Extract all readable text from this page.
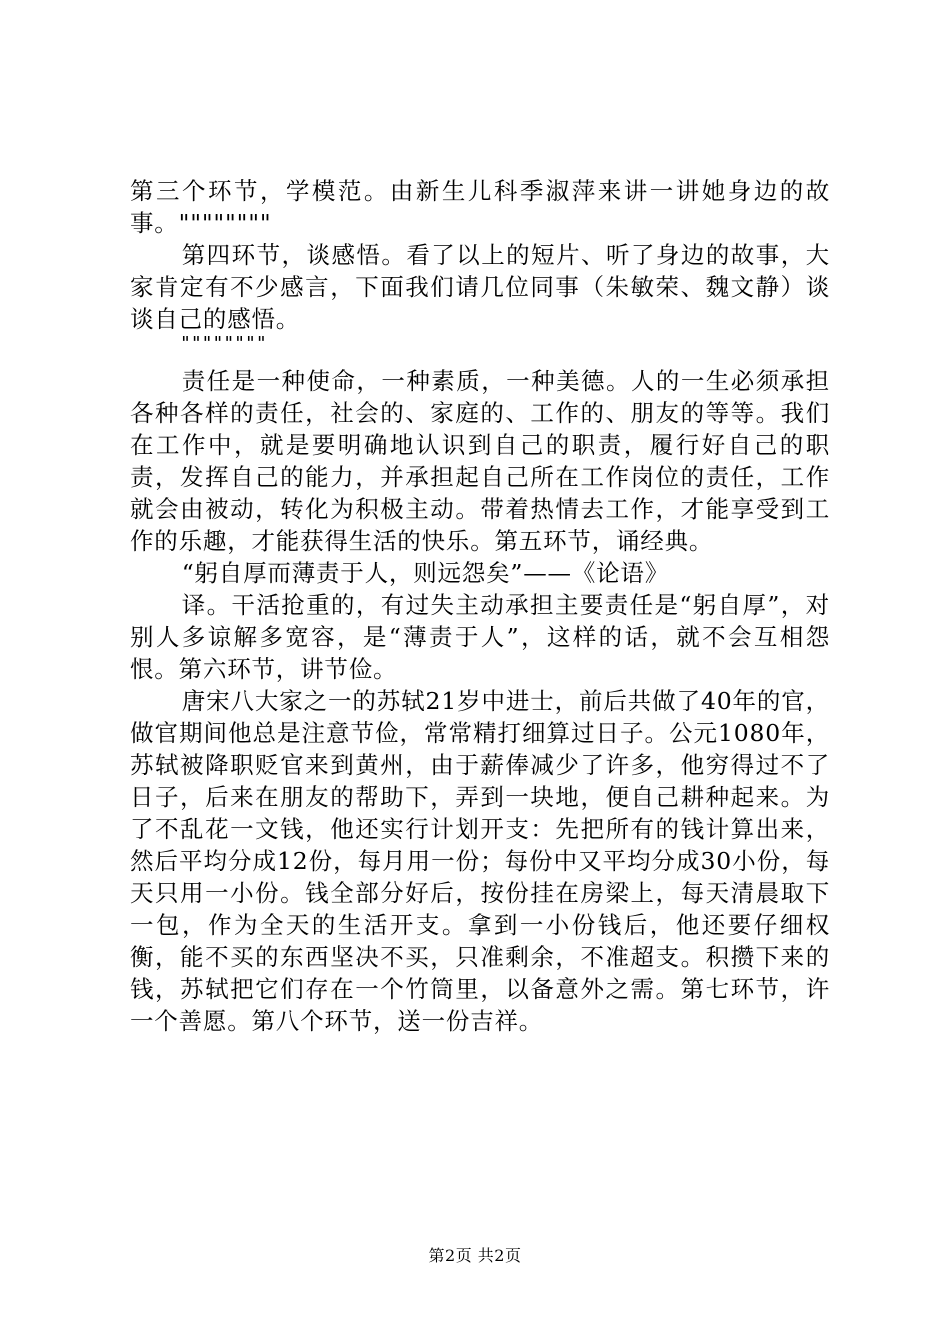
第三个环节，学模范。由新生儿科季淑萍来讲一讲她身边的故事。""""""""

第四环节，谈感悟。看了以上的短片、听了身边的故事，大家肯定有不少感言，下面我们请几位同事（朱敏荣、魏文静）谈谈自己的感悟。

""""""""

责任是一种使命，一种素质，一种美德。人的一生必须承担各种各样的责任，社会的、家庭的、工作的、朋友的等等。我们在工作中，就是要明确地认识到自己的职责，履行好自己的职责，发挥自己的能力，并承担起自己所在工作岗位的责任，工作就会由被动，转化为积极主动。带着热情去工作，才能享受到工作的乐趣，才能获得生活的快乐。第五环节，诵经典。

“躬自厚而薄责于人，则远怨矣”——《论语》

译。干活抢重的，有过失主动承担主要责任是“躬自厚”，对别人多谅解多宽容，是“薄责于人”，这样的话，就不会互相怨恨。第六环节，讲节俭。

唐宋八大家之一的苏轼21岁中进士，前后共做了40年的官，做官期间他总是注意节俭，常常精打细算过日子。公元1080年，苏轼被降职贬官来到黄州，由于薪俸减少了许多，他穷得过不了日子，后来在朋友的帮助下，弄到一块地，便自己耕种起来。为了不乱花一文钱，他还实行计划开支：先把所有的钱计算出来，然后平均分成12份，每月用一份；每份中又平均分成30小份，每天只用一小份。钱全部分好后，按份挂在房梁上，每天清晨取下一包，作为全天的生活开支。拿到一小份钱后，他还要仔细权衡，能不买的东西坚决不买，只准剩余，不准超支。积攒下来的钱，苏轼把它们存在一个竹筒里，以备意外之需。第七环节，许一个善愿。第八个环节，送一份吉祥。

第2页 共2页
